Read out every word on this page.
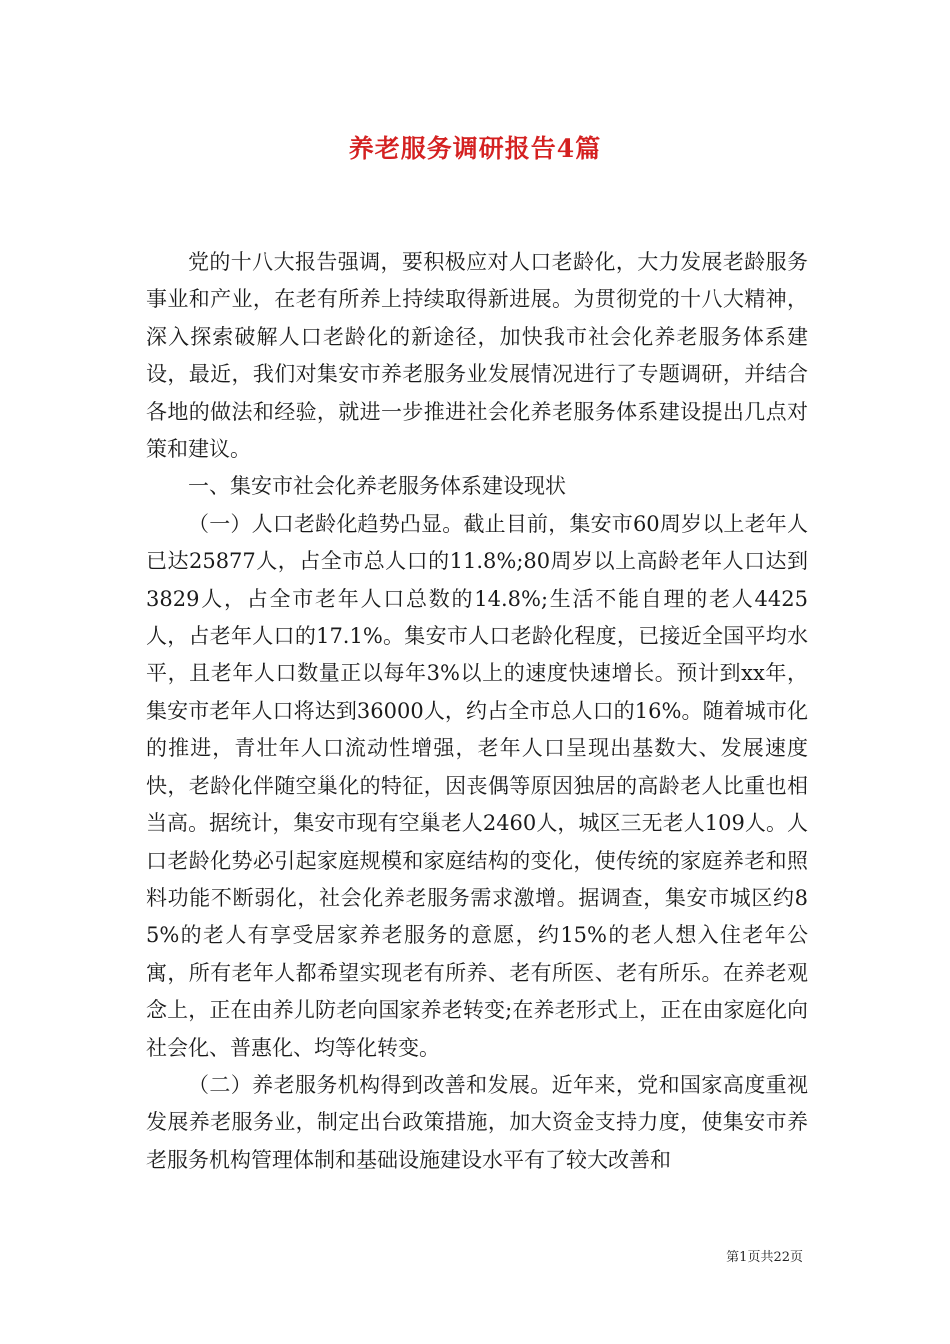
养老服务调研报告4篇

党的十八大报告强调，要积极应对人口老龄化，大力发展老龄服务事业和产业，在老有所养上持续取得新进展。为贯彻党的十八大精神，深入探索破解人口老龄化的新途径，加快我市社会化养老服务体系建设，最近，我们对集安市养老服务业发展情况进行了专题调研，并结合各地的做法和经验，就进一步推进社会化养老服务体系建设提出几点对策和建议。

一、集安市社会化养老服务体系建设现状

（一）人口老龄化趋势凸显。截止目前，集安市60周岁以上老年人已达25877人，占全市总人口的11.8%;80周岁以上高龄老年人口达到3829人，占全市老年人口总数的14.8%;生活不能自理的老人4425人，占老年人口的17.1%。集安市人口老龄化程度，已接近全国平均水平，且老年人口数量正以每年3%以上的速度快速增长。预计到xx年，集安市老年人口将达到36000人，约占全市总人口的16%。随着城市化的推进，青壮年人口流动性增强，老年人口呈现出基数大、发展速度快，老龄化伴随空巢化的特征，因丧偶等原因独居的高龄老人比重也相当高。据统计，集安市现有空巢老人2460人，城区三无老人109人。人口老龄化势必引起家庭规模和家庭结构的变化，使传统的家庭养老和照料功能不断弱化，社会化养老服务需求激增。据调查，集安市城区约85%的老人有享受居家养老服务的意愿，约15%的老人想入住老年公寓，所有老年人都希望实现老有所养、老有所医、老有所乐。在养老观念上，正在由养儿防老向国家养老转变;在养老形式上，正在由家庭化向社会化、普惠化、均等化转变。

（二）养老服务机构得到改善和发展。近年来，党和国家高度重视发展养老服务业，制定出台政策措施，加大资金支持力度，使集安市养老服务机构管理体制和基础设施建设水平有了较大改善和

第1页共22页
